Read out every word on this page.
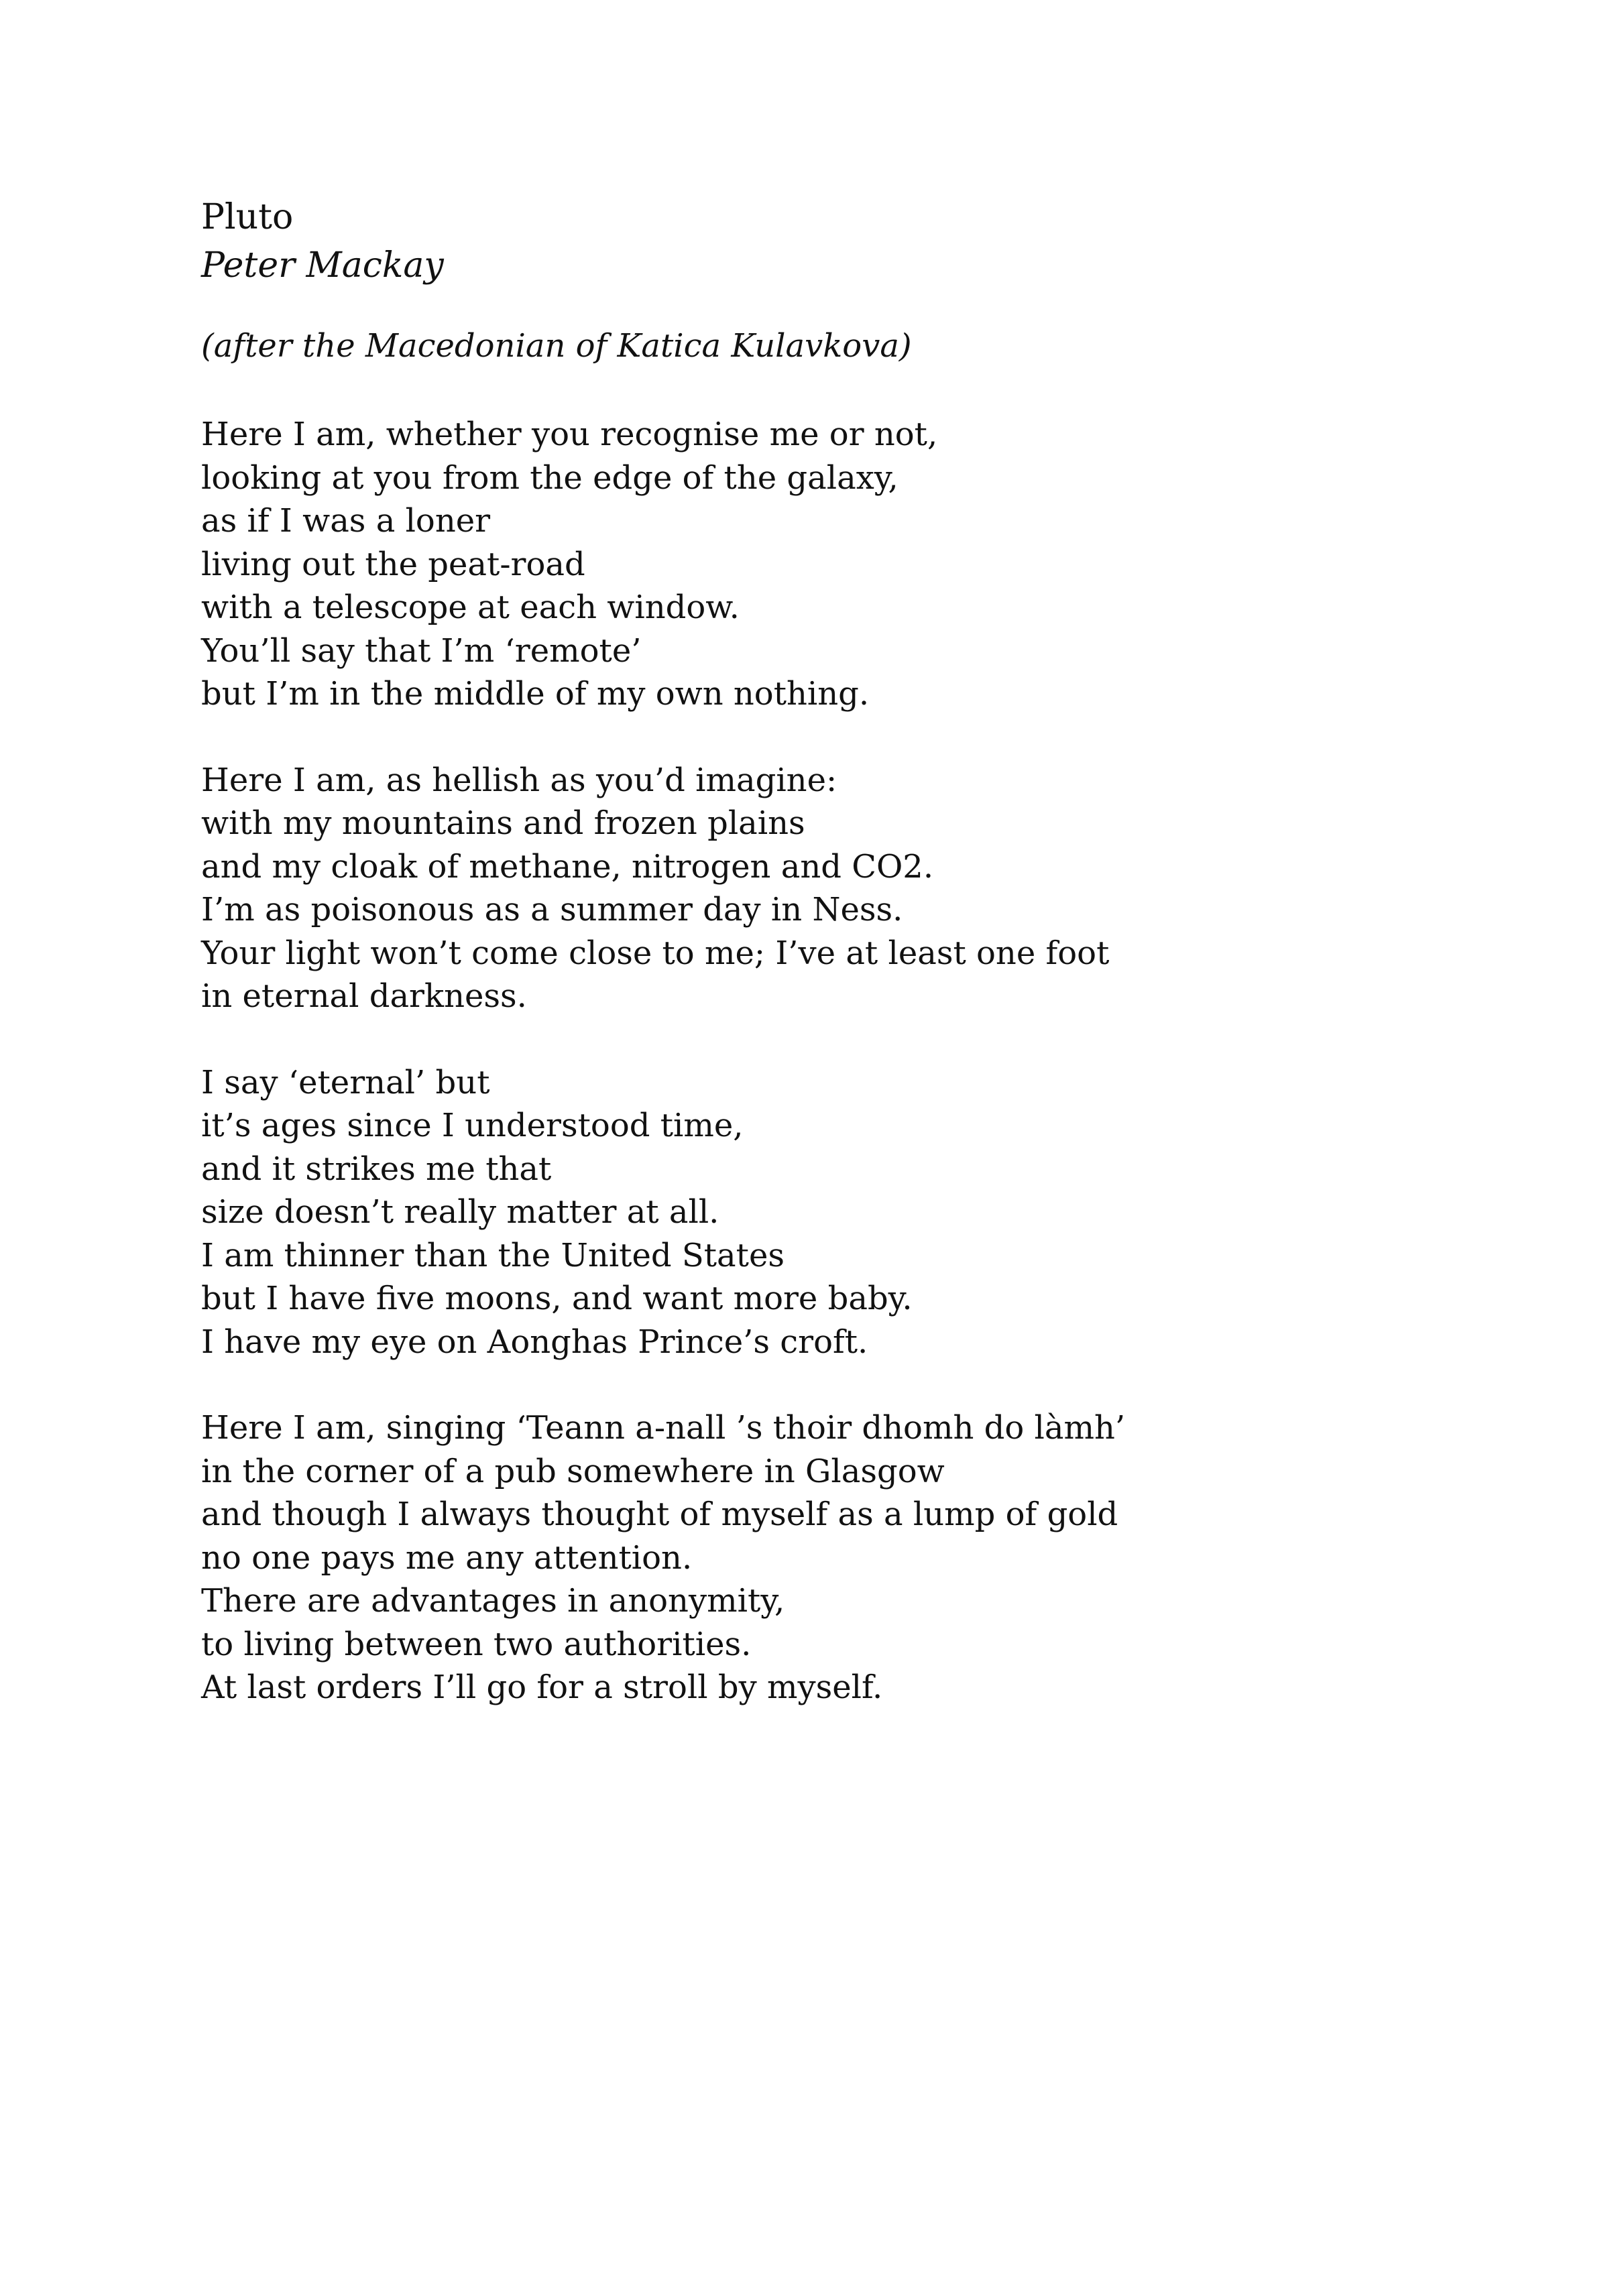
Pluto
Peter Mackay
(after the Macedonian of Katica Kulavkova)
Here I am, whether you recognise me or not,
looking at you from the edge of the galaxy,
as if I was a loner
living out the peat-road
with a telescope at each window.
You’ll say that I’m ‘remote’
but I’m in the middle of my own nothing.
Here I am, as hellish as you’d imagine:
with my mountains and frozen plains
and my cloak of methane, nitrogen and CO2.
I’m as poisonous as a summer day in Ness.
Your light won’t come close to me; I’ve at least one foot
in eternal darkness.
I say ‘eternal’ but
it’s ages since I understood time,
and it strikes me that
size doesn’t really matter at all.
I am thinner than the United States
but I have five moons, and want more baby.
I have my eye on Aonghas Prince’s croft.
Here I am, singing ‘Teann a-nall ’s thoir dhomh do làmh’
in the corner of a pub somewhere in Glasgow
and though I always thought of myself as a lump of gold
no one pays me any attention.
There are advantages in anonymity,
to living between two authorities.
At last orders I’ll go for a stroll by myself.
